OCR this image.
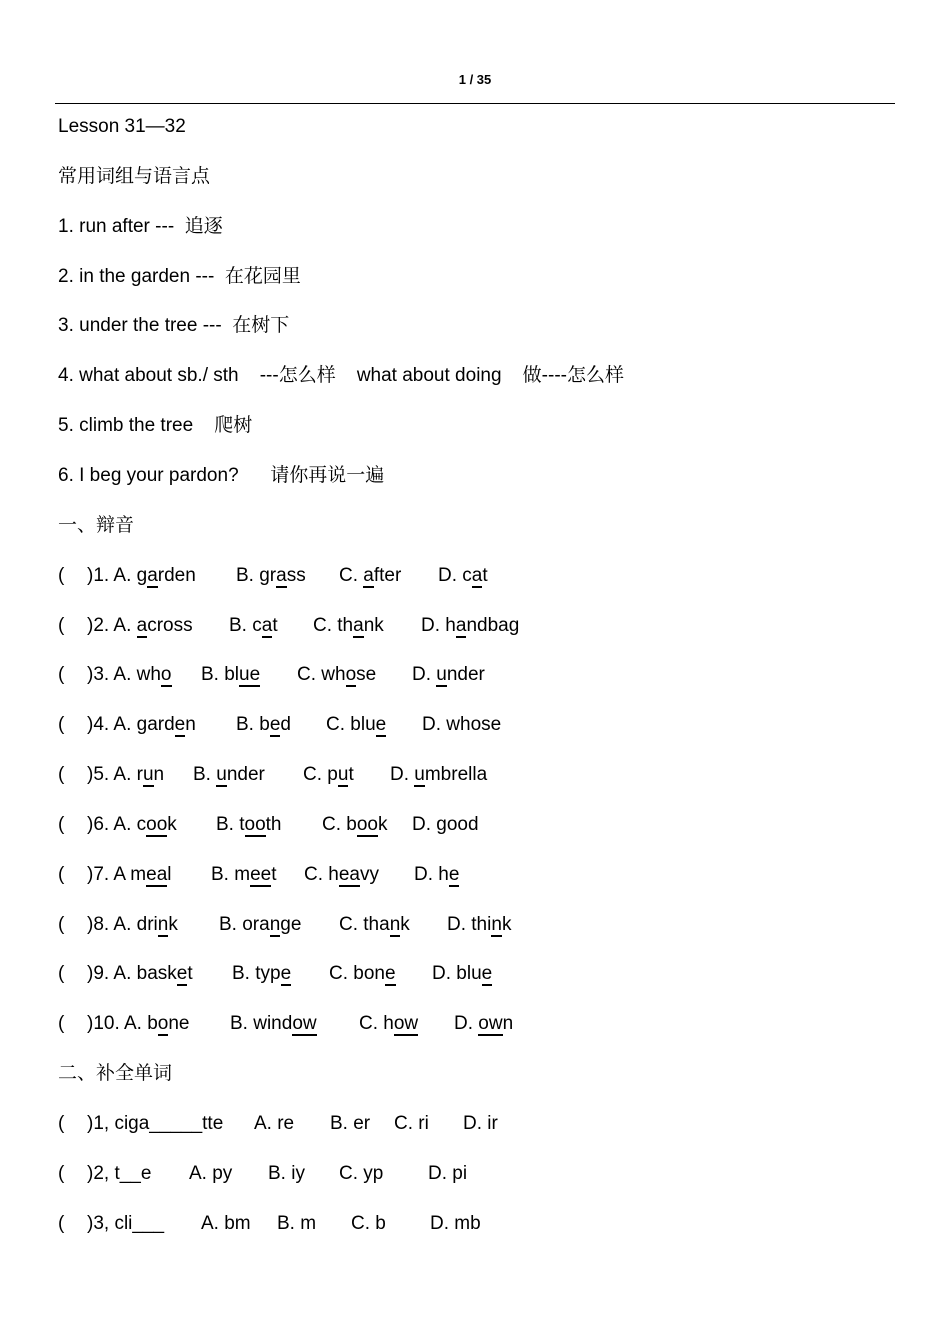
1 / 35
Lesson 31—32
常用词组与语言点
1. run after ---  追逐
2. in the garden ---  在花园里
3. under the tree ---  在树下
4. what about sb./ sth    ---怎么样    what about doing    做----怎么样
5. climb the tree    爬树
6. I beg your pardon?      请你再说一遍
一、辩音
( )1. A. garden B. grass C. after D. cat
( )2. A. across B. cat C. thank D. handbag
( )3. A. who B. blue C. whose D. under
( )4. A. garden B. bed C. blue D. whose
( )5. A. run B. under C. put D. umbrella
( )6. A. cook B. tooth C. book D. good
( )7. A meal B. meet C. heavy D. he
( )8. A. drink B. orange C. thank D. think
( )9. A. basket B. type C. bone D. blue
( )10. A. bone B. window C. how D. own
二、补全单词
( )1, ciga_____tte A. re B. er C. ri D. ir
( )2, t__e A. py B. iy C. yp D. pi
( )3, cli___ A. bm B. m C. b D. mb
